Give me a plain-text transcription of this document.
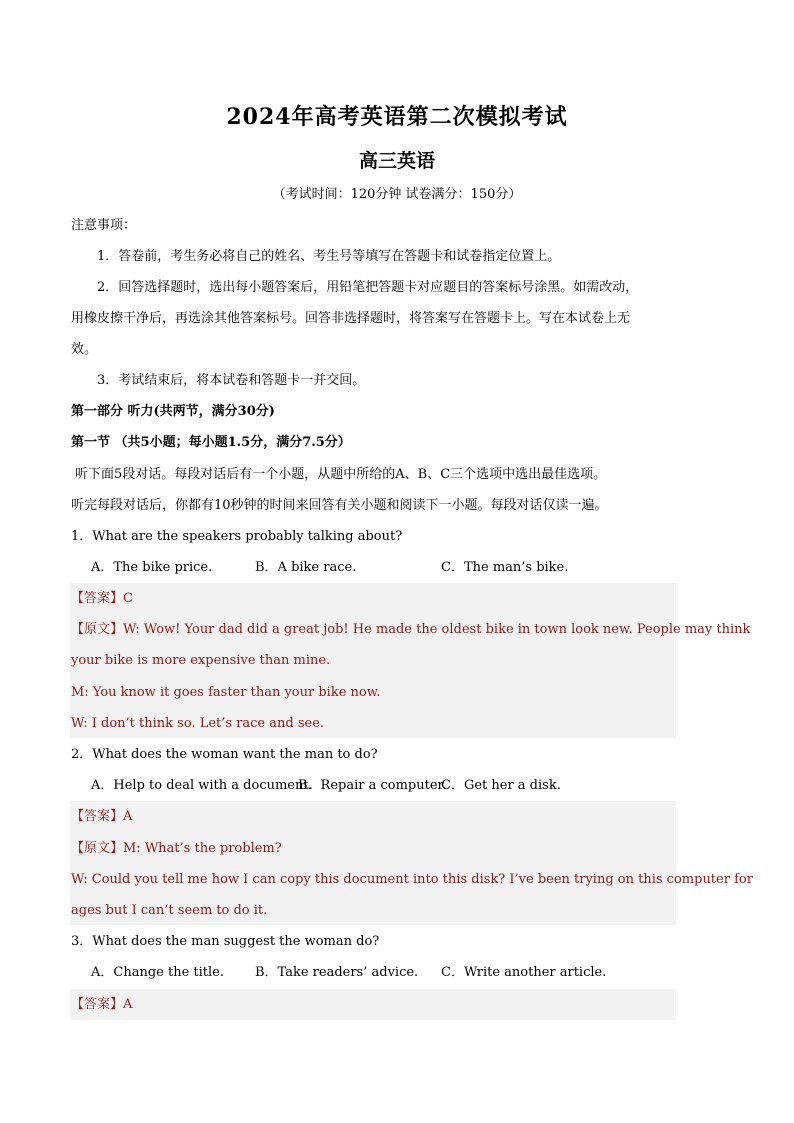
2024年高考英语第二次模拟考试
高三英语
（考试时间：120分钟 试卷满分：150分）
注意事项：
1．答卷前，考生务必将自己的姓名、考生号等填写在答题卡和试卷指定位置上。
2．回答选择题时，选出每小题答案后，用铅笔把答题卡对应题目的答案标号涂黑。如需改动，
用橡皮擦干净后，再选涂其他答案标号。回答非选择题时，将答案写在答题卡上。写在本试卷上无
效。
3．考试结束后，将本试卷和答题卡一并交回。
第一部分 听力(共两节，满分30分)
第一节 （共5小题；每小题1.5分，满分7.5分）
听下面5段对话。每段对话后有一个小题，从题中所给的A、B、C三个选项中选出最佳选项。
听完每段对话后，你都有10秒钟的时间来回答有关小题和阅读下一小题。每段对话仅读一遍。
1．What are the speakers probably talking about?
A．The bike price.	B．A bike race.	C．The man’s bike.
【答案】C
【原文】W: Wow! Your dad did a great job! He made the oldest bike in town look new. People may think
your bike is more expensive than mine.
M: You know it goes faster than your bike now.
W: I don’t think so. Let’s race and see.
2．What does the woman want the man to do?
A．Help to deal with a document.
B．Repair a computer.
C．Get her a disk.
【答案】A
【原文】M: What’s the problem?
W: Could you tell me how I can copy this document into this disk? I’ve been trying on this computer for
ages but I can’t seem to do it.
3．What does the man suggest the woman do?
A．Change the title.	B．Take readers’ advice.	C．Write another article.
【答案】A
